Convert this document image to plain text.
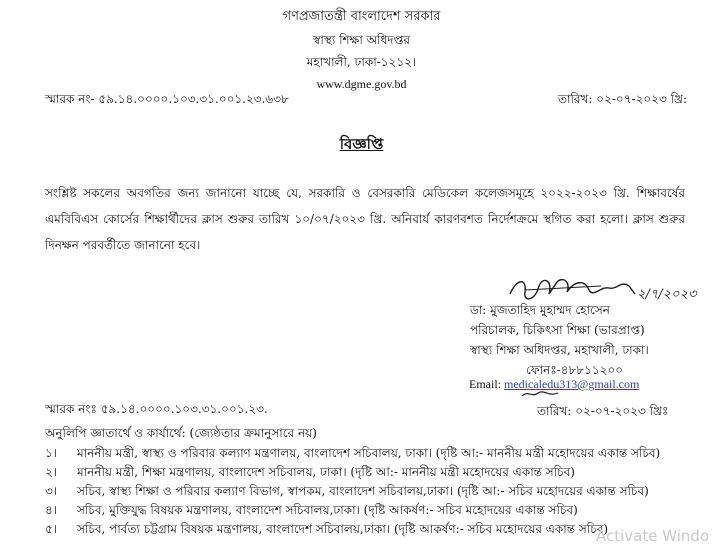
গণপ্রজাতন্ত্রী বাংলাদেশ সরকার
স্বাস্থ্য শিক্ষা অধিদপ্তর
মহাখালী, ঢাকা-১২১২।
www.dgme.gov.bd
স্মারক নং- ৫৯.১৪.০০০০.১০৩.৩১.০০১.২৩.৬৩৮	তারিখ: ০২-০৭-২০২৩ খ্রি:
বিজ্ঞপ্তি
সংশ্লিষ্ট সকলের অবগতির জন্য জানানো যাচ্ছে যে, সরকারি ও বেসরকারি মেডিকেল কলেজসমূহে ২০২২-২০২৩ খ্রি. শিক্ষাবর্ষের এমবিবিএস কোর্সের শিক্ষার্থীদের ক্লাস শুরুর তারিখ ১০/০৭/২০২৩ খ্রি. অনিবার্য কারণবশত নির্দেশক্রমে স্থগিত করা হলো। ক্লাস শুরুর দিনক্ষন পরবর্তীতে জানানো হবে।
২/৭/২০২৩
ডা: মুজতাহিদ মুহাম্মদ হোসেন
পরিচালক, চিকিৎসা শিক্ষা (ভারপ্রাপ্ত)
স্বাস্থ্য শিক্ষা অধিদপ্তর, মহাখালী, ঢাকা।
ফোনঃ-৪৮৮১১২০০
Email: medicaledu313@gmail.com
স্মারক নংঃ ৫৯.১৪.০০০০.১০৩.৩১.০০১.২৩.	তারিখ: ০২-০৭-২০২৩ খ্রিঃ
অনুলিপি জ্ঞাতার্থে ও কার্যার্থে: (জ্যেষ্ঠতার ক্রমানুসারে নয়)
১। মাননীয় মন্ত্রী, স্বাস্থ্য ও পরিবার কল্যাণ মন্ত্রণালয়, বাংলাদেশ সচিবালয়, ঢাকা। (দৃষ্টি আ:- মাননীয় মন্ত্রী মহোদয়ের একান্ত সচিব)
২। মাননীয় মন্ত্রী, শিক্ষা মন্ত্রণালয়, বাংলাদেশ সচিবালয়, ঢাকা। (দৃষ্টি আ:- মাননীয় মন্ত্রী মহোদয়ের একান্ত সচিব)
৩। সচিব, স্বাস্থ্য শিক্ষা ও পরিবার কল্যাণ বিভাগ, স্বাপকম, বাংলাদেশ সচিবালয়,ঢাকা। (দৃষ্টি আ:- সচিব মহোদয়ের একান্ত সচিব)
৪। সচিব, মুক্তিযুদ্ধ বিষয়ক মন্ত্রণালয়, বাংলাদেশ সচিবালয়,ঢাকা। (দৃষ্টি আকর্ষণ:- সচিব মহোদয়ের একান্ত সচিব)
৫। সচিব, পার্বত্য চট্টগ্রাম বিষয়ক মন্ত্রণালয়, বাংলাদেশ সচিবালয়,ঢাকা। (দৃষ্টি আকর্ষণ:- সচিব মহোদয়ের একান্ত সচিব)
Activate Windo
